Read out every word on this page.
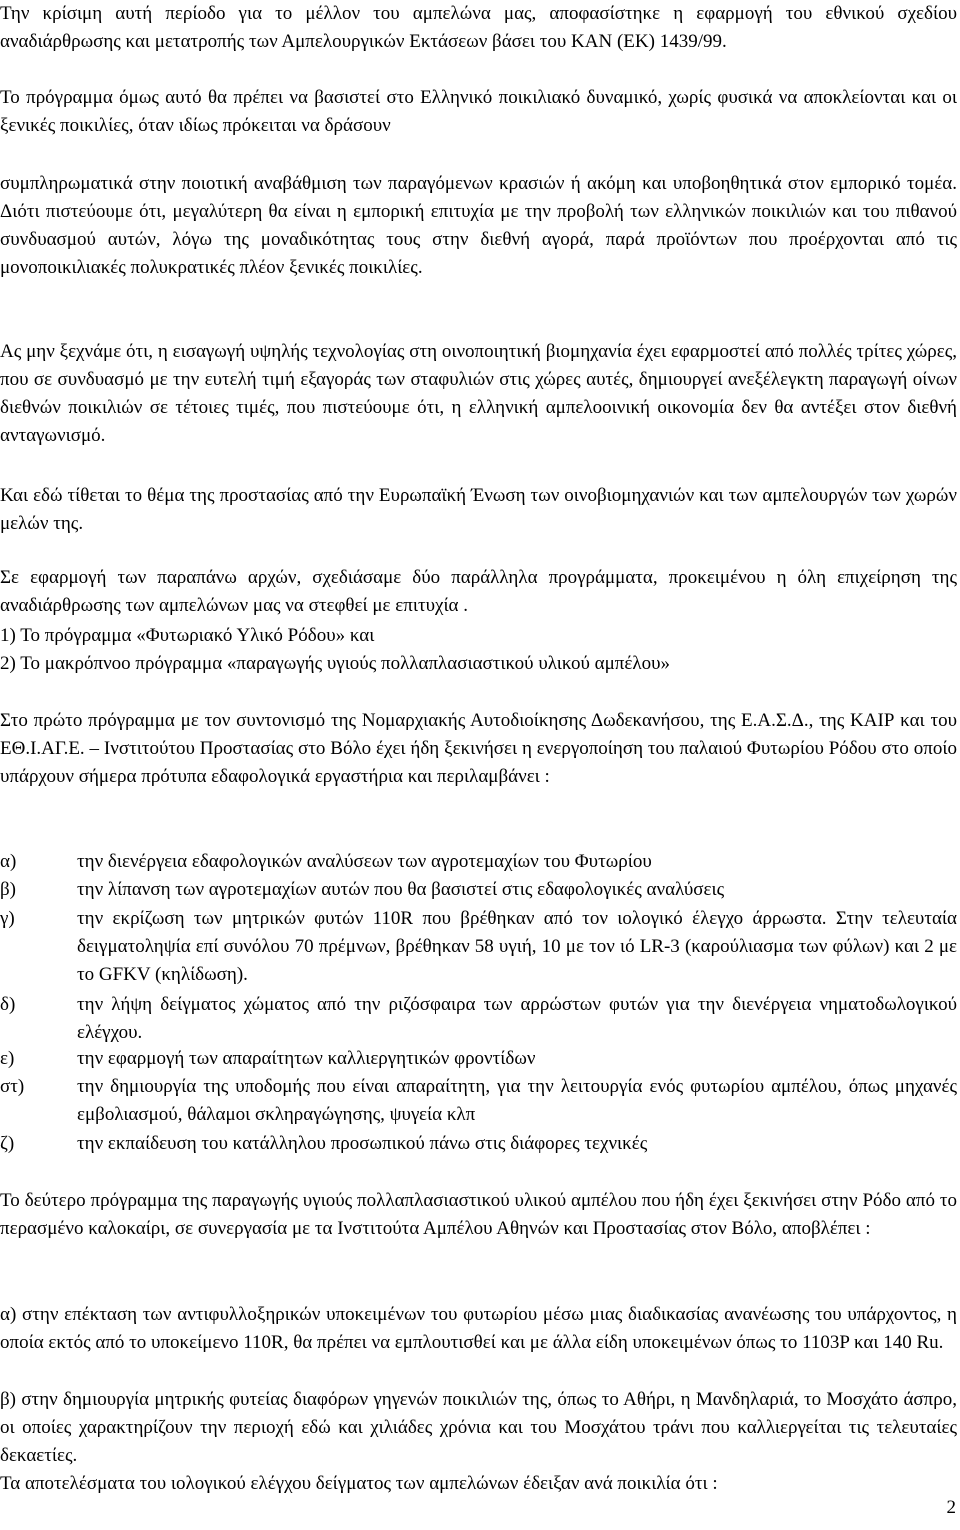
Την κρίσιμη αυτή περίοδο για το μέλλον του αμπελώνα μας, αποφασίστηκε η εφαρμογή του εθνικού σχεδίου αναδιάρθρωσης και μετατροπής των Αμπελουργικών Εκτάσεων βάσει του ΚΑΝ (ΕΚ) 1439/99.

Το πρόγραμμα όμως αυτό θα πρέπει να βασιστεί στο Ελληνικό ποικιλιακό δυναμικό, χωρίς φυσικά να αποκλείονται και οι ξενικές ποικιλίες, όταν ιδίως πρόκειται να δράσουν

συμπληρωματικά στην ποιοτική αναβάθμιση των παραγόμενων κρασιών ή ακόμη και υποβοηθητικά στον εμπορικό τομέα. Διότι πιστεύουμε ότι, μεγαλύτερη θα είναι η εμπορική επιτυχία με την προβολή των ελληνικών ποικιλιών και του πιθανού συνδυασμού αυτών, λόγω της μοναδικότητας τους στην διεθνή αγορά, παρά προϊόντων που προέρχονται από τις μονοποικιλιακές πολυκρατικές πλέον ξενικές ποικιλίες.

Ας μην ξεχνάμε ότι, η εισαγωγή υψηλής τεχνολογίας στη οινοποιητική βιομηχανία έχει εφαρμοστεί από πολλές τρίτες χώρες, που σε συνδυασμό με την ευτελή τιμή εξαγοράς των σταφυλιών στις χώρες αυτές, δημιουργεί ανεξέλεγκτη παραγωγή οίνων διεθνών ποικιλιών σε τέτοιες τιμές, που πιστεύουμε ότι, η ελληνική αμπελοοινική οικονομία δεν θα αντέξει στον διεθνή ανταγωνισμό.

Και εδώ τίθεται το θέμα της προστασίας από την Ευρωπαϊκή Ένωση των οινοβιομηχανιών και των αμπελουργών των χωρών μελών της.

Σε εφαρμογή των παραπάνω αρχών, σχεδιάσαμε δύο παράλληλα προγράμματα, προκειμένου η όλη επιχείρηση της αναδιάρθρωσης των αμπελώνων μας να στεφθεί με επιτυχία .

1) Το πρόγραμμα «Φυτωριακό Υλικό Ρόδου» και

2) Το μακρόπνοο πρόγραμμα «παραγωγής υγιούς πολλαπλασιαστικού υλικού αμπέλου»

Στο πρώτο πρόγραμμα με τον συντονισμό της Νομαρχιακής Αυτοδιοίκησης Δωδεκανήσου, της Ε.Α.Σ.Δ., της ΚΑΙΡ και του ΕΘ.Ι.ΑΓ.Ε. – Ινστιτούτου Προστασίας στο Βόλο έχει ήδη ξεκινήσει η ενεργοποίηση του παλαιού Φυτωρίου Ρόδου στο οποίο υπάρχουν σήμερα πρότυπα εδαφολογικά εργαστήρια και περιλαμβάνει :

α)	την διενέργεια εδαφολογικών αναλύσεων των αγροτεμαχίων του Φυτωρίου
β)	την λίπανση των αγροτεμαχίων αυτών που θα βασιστεί στις εδαφολογικές αναλύσεις
γ)	την εκρίζωση των μητρικών φυτών 110R που βρέθηκαν από τον ιολογικό έλεγχο άρρωστα. Στην τελευταία δειγματοληψία επί συνόλου 70 πρέμνων, βρέθηκαν 58 υγιή, 10 με τον ιό LR-3 (καρούλιασμα των φύλων) και 2 με το GFKV (κηλίδωση).
δ)	την λήψη δείγματος χώματος από την ριζόσφαιρα των αρρώστων φυτών για την διενέργεια νηματοδωλογικού ελέγχου.
ε)	την εφαρμογή των απαραίτητων καλλιεργητικών φροντίδων
στ)	την δημιουργία της υποδομής που είναι απαραίτητη, για την λειτουργία ενός φυτωρίου αμπέλου, όπως μηχανές εμβολιασμού, θάλαμοι σκληραγώγησης, ψυγεία κλπ
ζ)	την εκπαίδευση του κατάλληλου προσωπικού πάνω στις διάφορες τεχνικές

Το δεύτερο πρόγραμμα της παραγωγής υγιούς πολλαπλασιαστικού υλικού αμπέλου που ήδη έχει ξεκινήσει στην Ρόδο από το περασμένο καλοκαίρι, σε συνεργασία με τα Ινστιτούτα Αμπέλου Αθηνών και Προστασίας στον Βόλο, αποβλέπει :

α) στην επέκταση των αντιφυλλοξηρικών υποκειμένων του φυτωρίου μέσω μιας διαδικασίας ανανέωσης του υπάρχοντος, η οποία εκτός από το υποκείμενο 110R, θα πρέπει να εμπλουτισθεί και με άλλα είδη υποκειμένων όπως το 1103P και 140 Ru.

β) στην δημιουργία μητρικής φυτείας διαφόρων γηγενών ποικιλιών της, όπως το Αθήρι, η Μανδηλαριά, το Μοσχάτο άσπρο, οι οποίες χαρακτηρίζουν την περιοχή εδώ και χιλιάδες χρόνια και του Μοσχάτου τράνι που καλλιεργείται τις τελευταίες δεκαετίες.

Τα αποτελέσματα του ιολογικού ελέγχου δείγματος των αμπελώνων έδειξαν ανά ποικιλία ότι :

2
